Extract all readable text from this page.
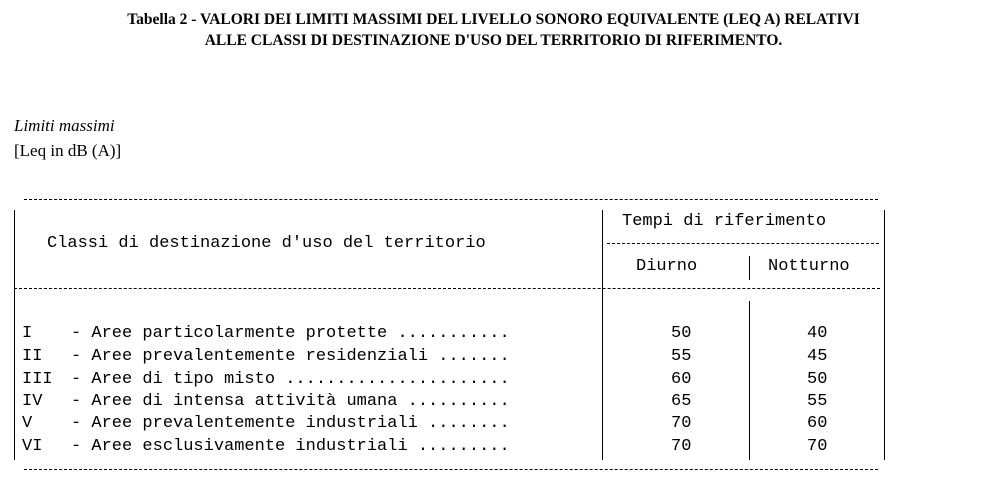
Tabella 2 - VALORI DEI LIMITI MASSIMI DEL LIVELLO SONORO EQUIVALENTE (LEQ A) RELATIVI
ALLE CLASSI DI DESTINAZIONE D'USO DEL TERRITORIO DI RIFERIMENTO.
Limiti massimi
[Leq in dB (A)]
Classi di destinazione d'uso del territorio
Tempi di riferimento
Diurno	Notturno
I - Aree particolarmente protette ...........	50	40
II - Aree prevalentemente residenziali .......	55	45
III - Aree di tipo misto ......................	60	50
IV - Aree di intensa attività umana ..........	65	55
V - Aree prevalentemente industriali ........	70	60
VI - Aree esclusivamente industriali .........	70	70
